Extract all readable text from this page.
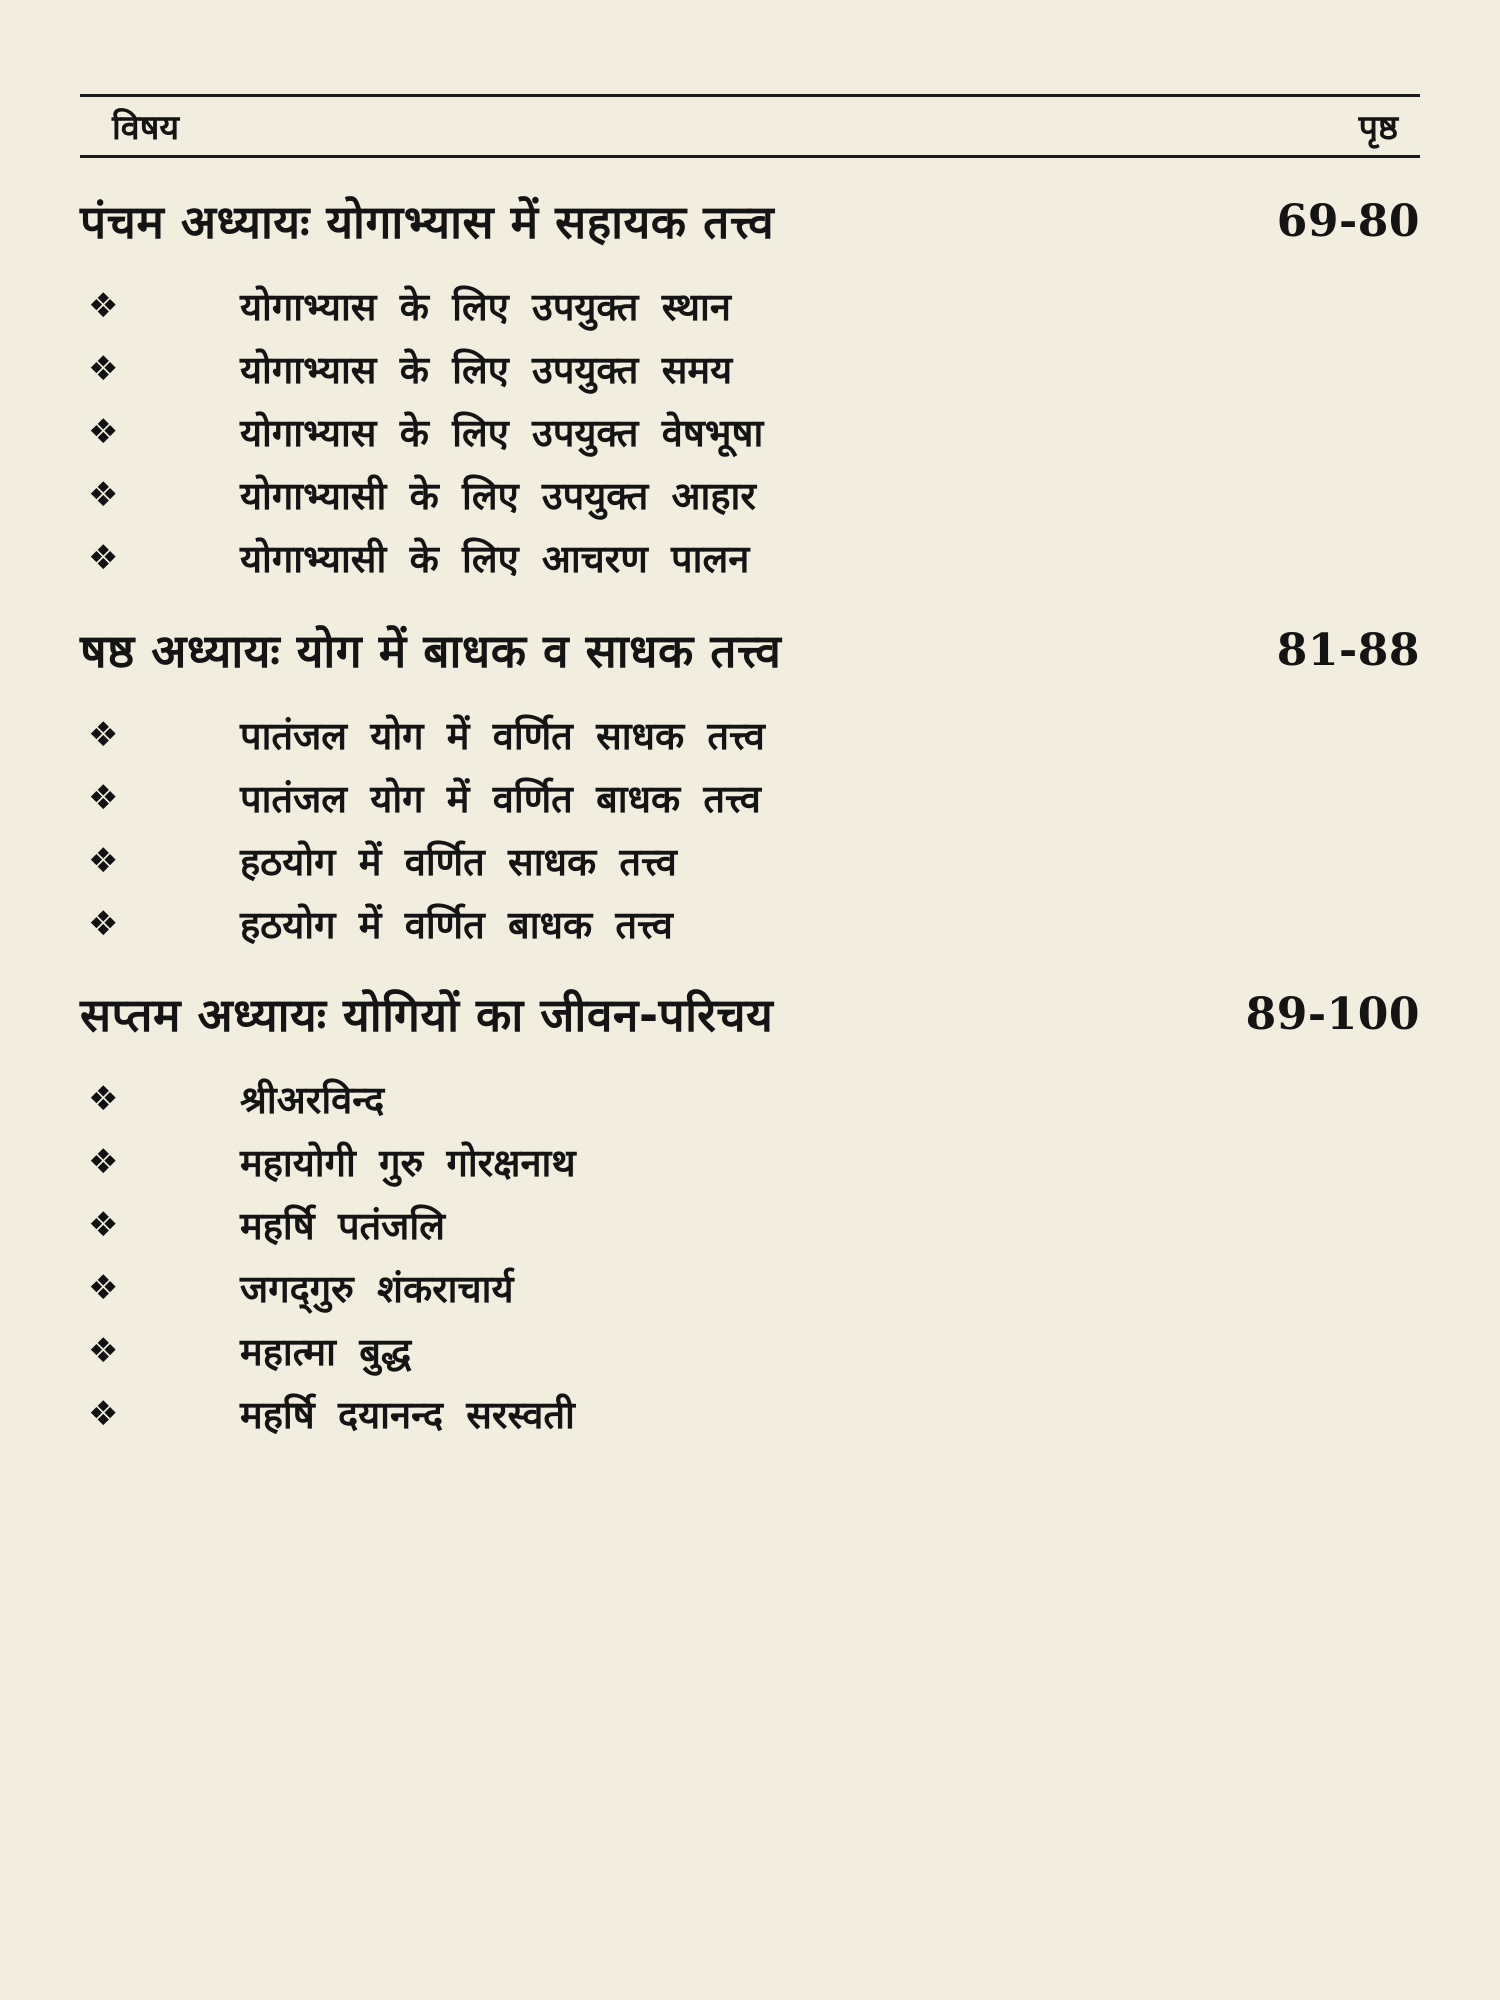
विषय	पृष्ठ
पंचम अध्यायः योगाभ्यास में सहायक तत्त्व	69-80
❖	योगाभ्यास के लिए उपयुक्त स्थान
❖	योगाभ्यास के लिए उपयुक्त समय
❖	योगाभ्यास के लिए उपयुक्त वेषभूषा
❖	योगाभ्यासी के लिए उपयुक्त आहार
❖	योगाभ्यासी के लिए आचरण पालन
षष्ठ अध्यायः योग में बाधक व साधक तत्त्व	81-88
❖	पातंजल योग में वर्णित साधक तत्त्व
❖	पातंजल योग में वर्णित बाधक तत्त्व
❖	हठयोग में वर्णित साधक तत्त्व
❖	हठयोग में वर्णित बाधक तत्त्व
सप्तम अध्यायः योगियों का जीवन-परिचय	89-100
❖	श्रीअरविन्द
❖	महायोगी गुरु गोरक्षनाथ
❖	महर्षि पतंजलि
❖	जगद्‌गुरु शंकराचार्य
❖	महात्मा बुद्ध
❖	महर्षि दयानन्द सरस्वती
